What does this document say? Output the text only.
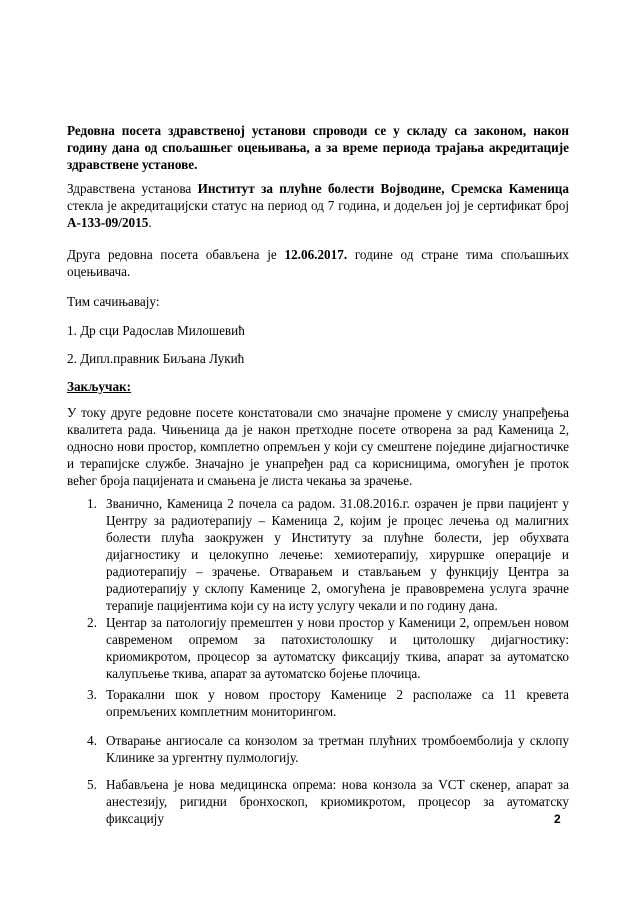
Редовна посета здравственој установи спроводи се у складу са законом, након годину дана од спољашњег оцењивања, а за време периода трајања акредитације здравствене установе.

Здравствена установа Институт за плућне болести Војводине, Сремска Каменица стекла је акредитацијски статус на период од 7 година, и додељен јој је сертификат број А-133-09/2015.

Друга редовна посета обављена је 12.06.2017. године од стране тима спољашњих оцењивача.

Тим сачињавају:

1. Др сци Радослав Милошевић

2. Дипл.правник Биљана Лукић

Закључак:

У току друге редовне посете констатовали смо значајне промене у смислу унапређења квалитета рада. Чињеница да је након претходне посете отворена за рад Каменица 2, односно нови простор, комплетно опремљен у који су смештене поједине дијагностичке и терапијске службе. Значајно је унапређен рад са корисницима, омогућен је проток већег броја пацијената и смањена је листа чекања за зрачење.

1. Званично, Каменица 2 почела са радом. 31.08.2016.г. озрачен је први пацијент у Центру за радиотерапију – Каменица 2, којим је процес лечења од малигних болести плућа заокружен у Институту за плућне болести, јер обухвата дијагностику и целокупно лечење: хемиотерапију, хируршке операције и радиотерапију – зрачење. Отварањем и стављањем у функцију Центра за радиотерапију у склопу Каменице 2, омогућена је правовремена услуга зрачне терапије пацијентима који су на исту услугу чекали и по годину дана.
2. Центар за патологију премештен у нови простор у Каменици 2, опремљен новом савременом опремом за патохистолошку и цитолошку дијагностику: криомикротом, процесор за аутоматску фиксацију ткива, апарат за аутоматско калупљење ткива, апарат за аутоматско бојење плочица.
3. Торакални шок у новом простору Каменице 2 располаже са 11 кревета опремљених комплетним мониторингом.
4. Отварање ангиосале са конзолом за третман плућних тромбоемболија у склопу Клинике за ургентну пулмологију.
5. Набављена је нова медицинска опрема: нова конзола за VCT скенер, апарат за анестезију, ригидни бронхоскоп, криомикротом, процесор за аутоматску фиксацију	2
